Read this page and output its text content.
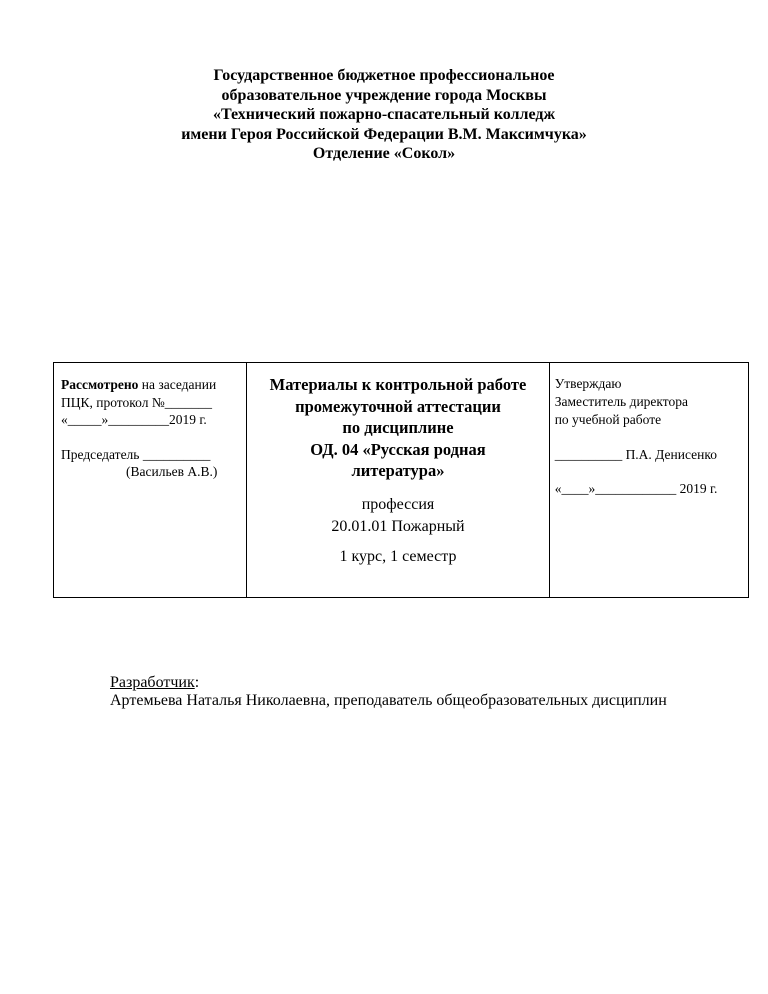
Государственное бюджетное профессиональное
образовательное учреждение города Москвы
«Технический пожарно-спасательный колледж
имени Героя Российской Федерации В.М. Максимчука»
Отделение «Сокол»
Рассмотрено на заседании
ПЦК, протокол №_______
«_____»_________2019 г.
Председатель __________
(Васильев А.В.)

Материалы к контрольной работе
промежуточной аттестации
по дисциплине
ОД. 04 «Русская родная
литература»
профессия
20.01.01 Пожарный
1 курс, 1 семестр

Утверждаю
Заместитель директора
по учебной работе
__________ П.А. Денисенко
«____»____________ 2019 г.
Разработчик:
Артемьева Наталья Николаевна, преподаватель общеобразовательных дисциплин
